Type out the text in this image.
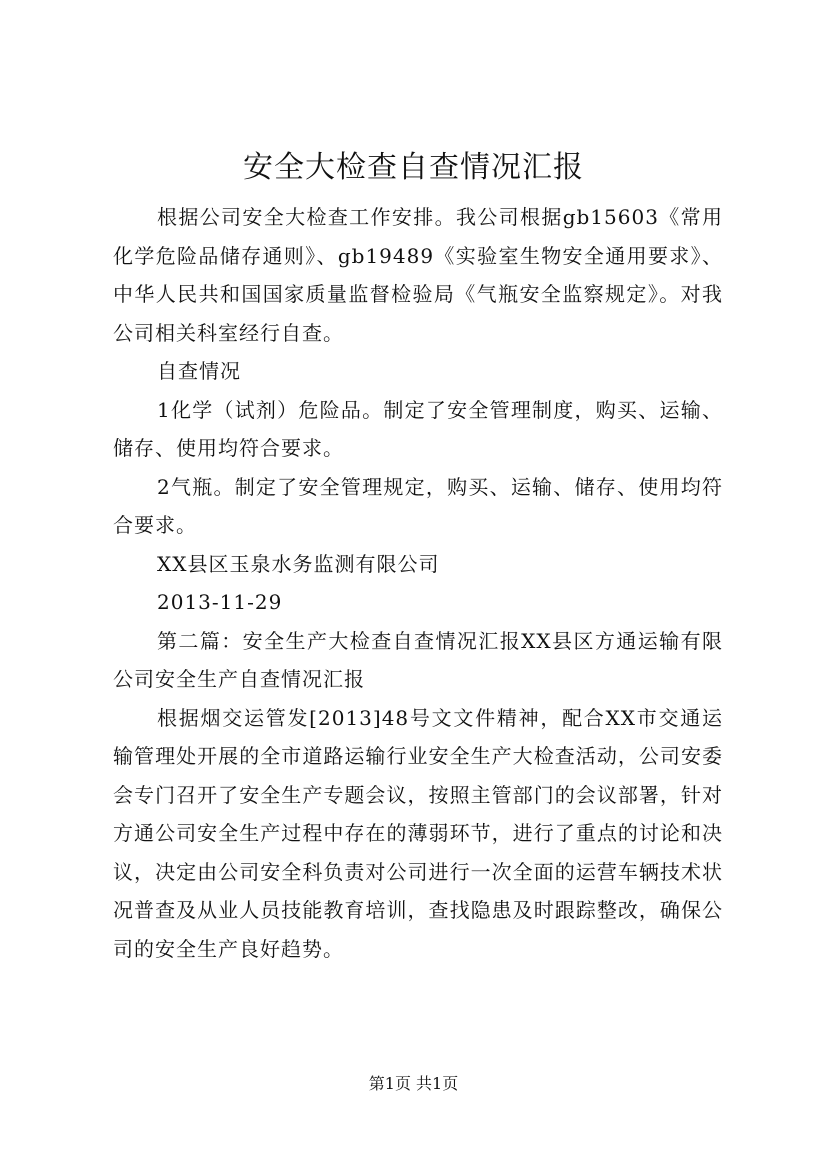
安全大检查自查情况汇报

根据公司安全大检查工作安排。我公司根据gb15603《常用化学危险品储存通则》、gb19489《实验室生物安全通用要求》、中华人民共和国国家质量监督检验局《气瓶安全监察规定》。对我公司相关科室经行自查。

自查情况

1化学（试剂）危险品。制定了安全管理制度，购买、运输、储存、使用均符合要求。

2气瓶。制定了安全管理规定，购买、运输、储存、使用均符合要求。

XX县区玉泉水务监测有限公司

2013-11-29

第二篇：安全生产大检查自查情况汇报XX县区方通运输有限公司安全生产自查情况汇报

根据烟交运管发[2013]48号文文件精神，配合XX市交通运输管理处开展的全市道路运输行业安全生产大检查活动，公司安委会专门召开了安全生产专题会议，按照主管部门的会议部署，针对方通公司安全生产过程中存在的薄弱环节，进行了重点的讨论和决议，决定由公司安全科负责对公司进行一次全面的运营车辆技术状况普查及从业人员技能教育培训，查找隐患及时跟踪整改，确保公司的安全生产良好趋势。

第1页 共1页
